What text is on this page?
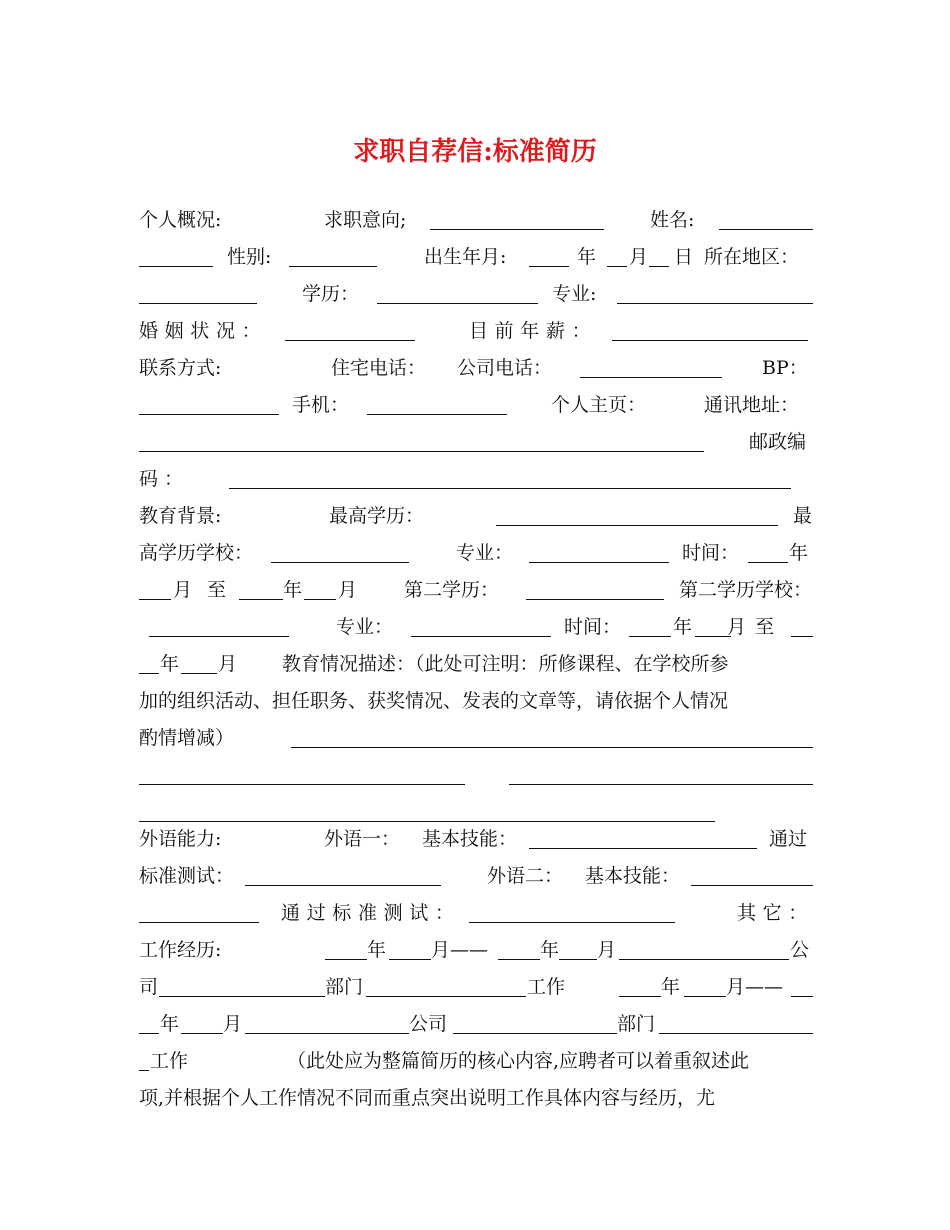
求职自荐信:标准简历
个人概况:	求职意向;	姓名:
性别:	出生年月:	年 月 日 所在地区：
学历：	专业:
婚姻状况：	目前年薪：
联系方式:	住宅电话： 公司电话：	BP：
手机：	个人主页：	通讯地址：
邮政编
码 ：
教育背景:	最高学历：	最
高学历学校：	专业：	时间：	年
月 至	年 月 第二学历：	第二学历学校：
专业：	时间：	年 月 至
年 月 教育情况描述：（此处可注明：所修课程、在学校所参
加的组织活动、担任职务、获奖情况、发表的文章等，请依据个人情况
酌情增减）
外语能力:	外语一： 基本技能：	通过
标准测试：	外语二： 基本技能：
通过标准测试：	其它：
工作经历:	年 月——	年 月	公
司	部门	工作	年 月——
年 月	公司	部门
工作	（此处应为整篇简历的核心内容,应聘者可以着重叙述此
项,并根据个人工作情况不同而重点突出说明工作具体内容与经历，尤
